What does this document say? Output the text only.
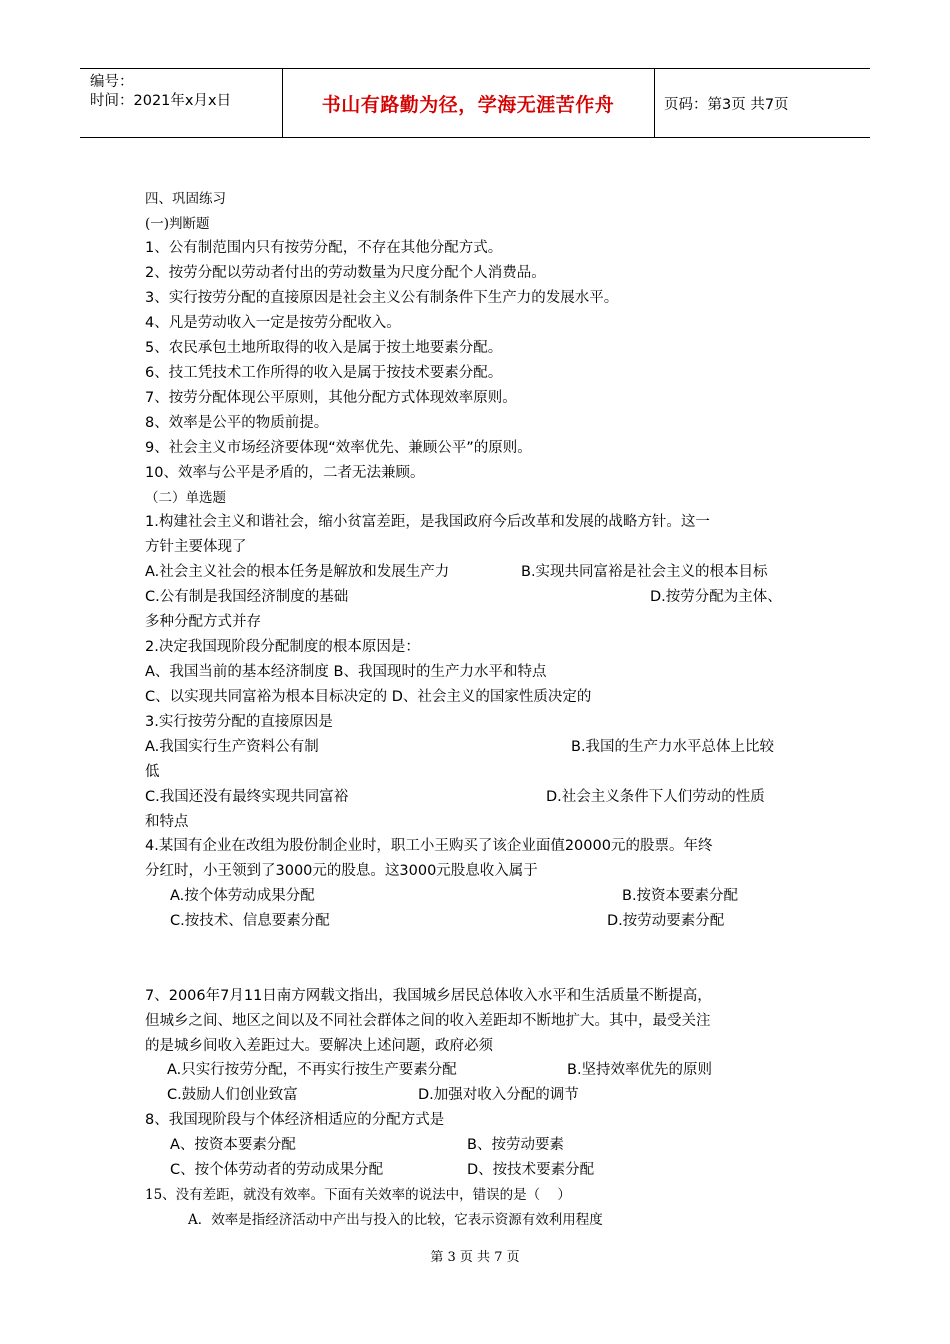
编号：
时间：2021年x月x日	书山有路勤为径，学海无涯苦作舟	页码：第3页 共7页
四、巩固练习
(一)判断题
1、公有制范围内只有按劳分配，不存在其他分配方式。
2、按劳分配以劳动者付出的劳动数量为尺度分配个人消费品。
3、实行按劳分配的直接原因是社会主义公有制条件下生产力的发展水平。
4、凡是劳动收入一定是按劳分配收入。
5、农民承包土地所取得的收入是属于按土地要素分配。
6、技工凭技术工作所得的收入是属于按技术要素分配。
7、按劳分配体现公平原则，其他分配方式体现效率原则。
8、效率是公平的物质前提。
9、社会主义市场经济要体现“效率优先、兼顾公平”的原则。
10、效率与公平是矛盾的，二者无法兼顾。
（二）单选题
1.构建社会主义和谐社会，缩小贫富差距，是我国政府今后改革和发展的战略方针。这一
方针主要体现了
A.社会主义社会的根本任务是解放和发展生产力	B.实现共同富裕是社会主义的根本目标
C.公有制是我国经济制度的基础	D.按劳分配为主体、
多种分配方式并存
2.决定我国现阶段分配制度的根本原因是：
A、我国当前的基本经济制度 B、我国现时的生产力水平和特点
C、以实现共同富裕为根本目标决定的 D、社会主义的国家性质决定的
3.实行按劳分配的直接原因是
A.我国实行生产资料公有制	B.我国的生产力水平总体上比较
低
C.我国还没有最终实现共同富裕	D.社会主义条件下人们劳动的性质
和特点
4.某国有企业在改组为股份制企业时，职工小王购买了该企业面值20000元的股票。年终
分红时，小王领到了3000元的股息。这3000元股息收入属于
A.按个体劳动成果分配	B.按资本要素分配
C.按技术、信息要素分配	D.按劳动要素分配
7、2006年7月11日南方网载文指出，我国城乡居民总体收入水平和生活质量不断提高，
但城乡之间、地区之间以及不同社会群体之间的收入差距却不断地扩大。其中，最受关注
的是城乡间收入差距过大。要解决上述问题，政府必须
A.只实行按劳分配，不再实行按生产要素分配	B.坚持效率优先的原则
C.鼓励人们创业致富	D.加强对收入分配的调节
8、我国现阶段与个体经济相适应的分配方式是
A、按资本要素分配	B、按劳动要素
C、按个体劳动者的劳动成果分配	D、按技术要素分配
15、没有差距，就没有效率。下面有关效率的说法中，错误的是（    ）
A．效率是指经济活动中产出与投入的比较，它表示资源有效利用程度
第 3 页 共 7 页
